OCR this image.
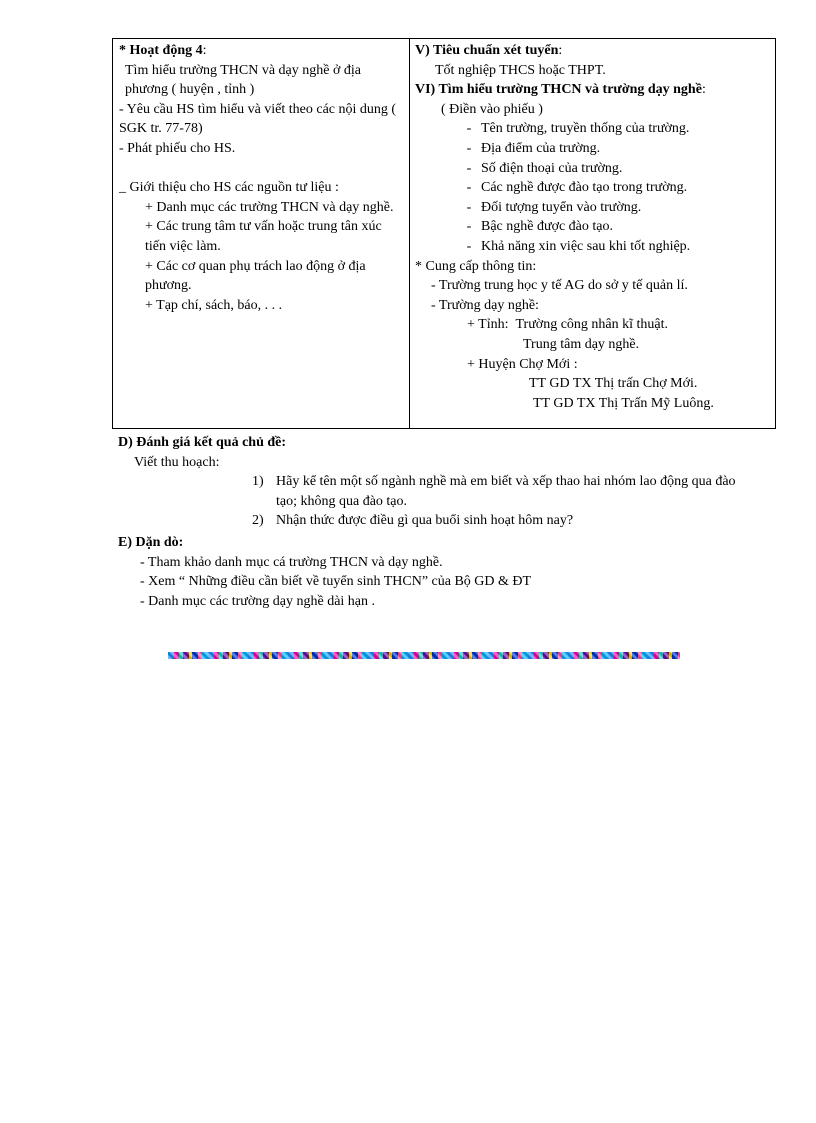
* Hoạt động 4:
Tìm hiểu trường THCN và dạy nghề ở địa phương ( huyện , tỉnh )
- Yêu cầu HS tìm hiểu và viết theo các nội dung ( SGK tr. 77-78)
- Phát phiếu cho HS.
_ Giới thiệu cho HS các nguồn tư liệu :
+ Danh mục các trường THCN và dạy nghề.
+ Các trung tâm tư vấn hoặc trung tân xúc tiến việc làm.
+ Các cơ quan phụ trách lao động ở địa phương.
+ Tạp chí, sách, báo, . . .
V) Tiêu chuẩn xét tuyển:
Tốt nghiệp THCS hoặc THPT.
VI) Tìm hiểu trường THCN và trường dạy nghề:
( Điền vào phiếu )
- Tên trường, truyền thống của trường.
- Địa điểm của trường.
- Số điện thoại của trường.
- Các nghề được đào tạo trong trường.
- Đối tượng tuyển vào trường.
- Bậc nghề được đào tạo.
- Khả năng xin việc sau khi tốt nghiệp.
* Cung cấp thông tin:
- Trường trung học y tế AG do sở y tế quản lí.
- Trường dạy nghề:
+ Tỉnh: Trường công nhân kĩ thuật.
Trung tâm dạy nghề.
+ Huyện Chợ Mới :
TT GD TX Thị trấn Chợ Mới.
TT GD TX Thị Trấn Mỹ Luông.
D) Đánh giá kết quả chủ đề:
Viết thu hoạch:
1) Hãy kể tên một số ngành nghề mà em biết và xếp thao hai nhóm lao động qua đào tạo; không qua đào tạo.
2) Nhận thức được điều gì qua buổi sinh hoạt hôm nay?
E) Dặn dò:
- Tham khảo danh mục cá trường THCN và dạy nghề.
- Xem “ Những điều cần biết về tuyển sinh THCN” của Bộ GD & ĐT
- Danh mục các trường dạy nghề dài hạn .
